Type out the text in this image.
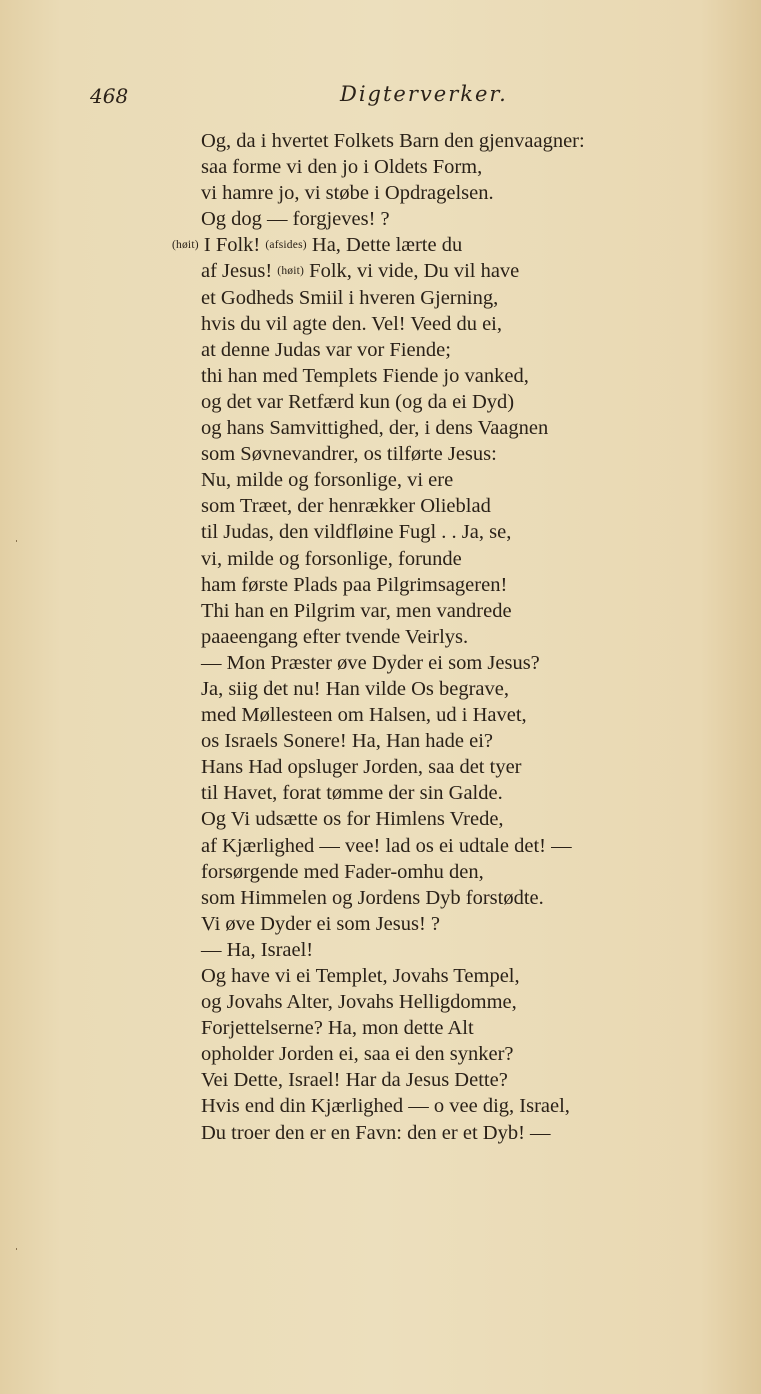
468	Digterverker.
Og, da i hvertet Folkets Barn den gjenvaagner:
saa forme vi den jo i Oldets Form,
vi hamre jo, vi støbe i Opdragelsen.
Og dog — forgjeves! ?
(høit) I Folk! (afsides) Ha, Dette lærte du
af Jesus! (høit) Folk, vi vide, Du vil have
et Godheds Smiil i hveren Gjerning,
hvis du vil agte den. Vel! Veed du ei,
at denne Judas var vor Fiende;
thi han med Templets Fiende jo vanked,
og det var Retfærd kun (og da ei Dyd)
og hans Samvittighed, der, i dens Vaagnen
som Søvnevandrer, os tilførte Jesus:
Nu, milde og forsonlige, vi ere
som Træet, der henrækker Olieblad
til Judas, den vildfløine Fugl . . Ja, se,
vi, milde og forsonlige, forunde
ham første Plads paa Pilgrimsageren!
Thi han en Pilgrim var, men vandrede
paaeengang efter tvende Veirlys.
— Mon Præster øve Dyder ei som Jesus?
Ja, siig det nu! Han vilde Os begrave,
med Møllesteen om Halsen, ud i Havet,
os Israels Sonere! Ha, Han hade ei?
Hans Had opsluger Jorden, saa det tyer
til Havet, forat tømme der sin Galde.
Og Vi udsætte os for Himlens Vrede,
af Kjærlighed — vee! lad os ei udtale det! —
forsørgende med Fader-omhu den,
som Himmelen og Jordens Dyb forstødte.
Vi øve Dyder ei som Jesus! ?
— Ha, Israel!
Og have vi ei Templet, Jovahs Tempel,
og Jovahs Alter, Jovahs Helligdomme,
Forjettelserne? Ha, mon dette Alt
opholder Jorden ei, saa ei den synker?
Vei Dette, Israel! Har da Jesus Dette?
Hvis end din Kjærlighed — o vee dig, Israel,
Du troer den er en Favn: den er et Dyb! —
